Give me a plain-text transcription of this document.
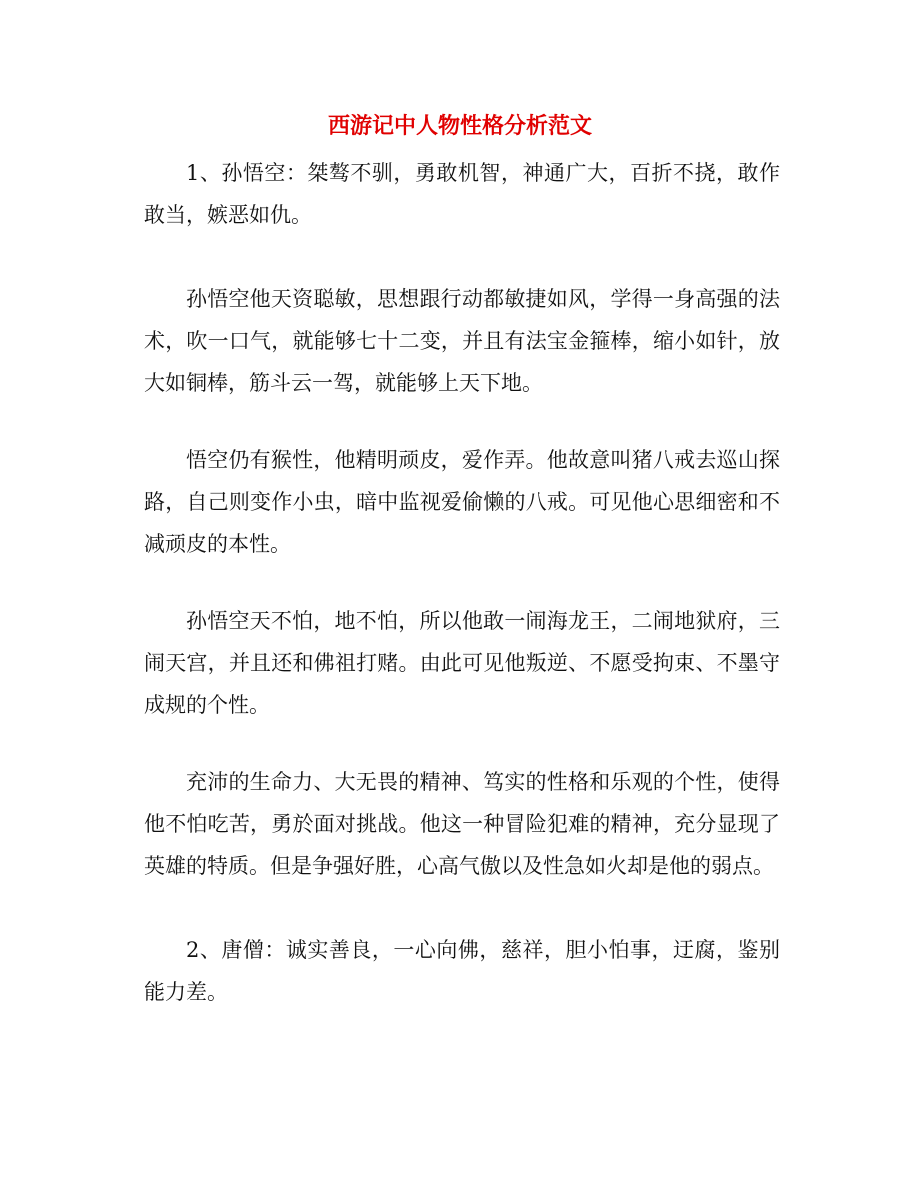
西游记中人物性格分析范文

1、孙悟空：桀骜不驯，勇敢机智，神通广大，百折不挠，敢作敢当，嫉恶如仇。

孙悟空他天资聪敏，思想跟行动都敏捷如风，学得一身高强的法术，吹一口气，就能够七十二变，并且有法宝金箍棒，缩小如针，放大如铜棒，筋斗云一驾，就能够上天下地。

悟空仍有猴性，他精明顽皮，爱作弄。他故意叫猪八戒去巡山探路，自己则变作小虫，暗中监视爱偷懒的八戒。可见他心思细密和不减顽皮的本性。

孙悟空天不怕，地不怕，所以他敢一闹海龙王，二闹地狱府，三闹天宫，并且还和佛祖打赌。由此可见他叛逆、不愿受拘束、不墨守成规的个性。

充沛的生命力、大无畏的精神、笃实的性格和乐观的个性，使得他不怕吃苦，勇於面对挑战。他这一种冒险犯难的精神，充分显现了英雄的特质。但是争强好胜，心高气傲以及性急如火却是他的弱点。

2、唐僧：诚实善良，一心向佛，慈祥，胆小怕事，迂腐，鉴别能力差。
